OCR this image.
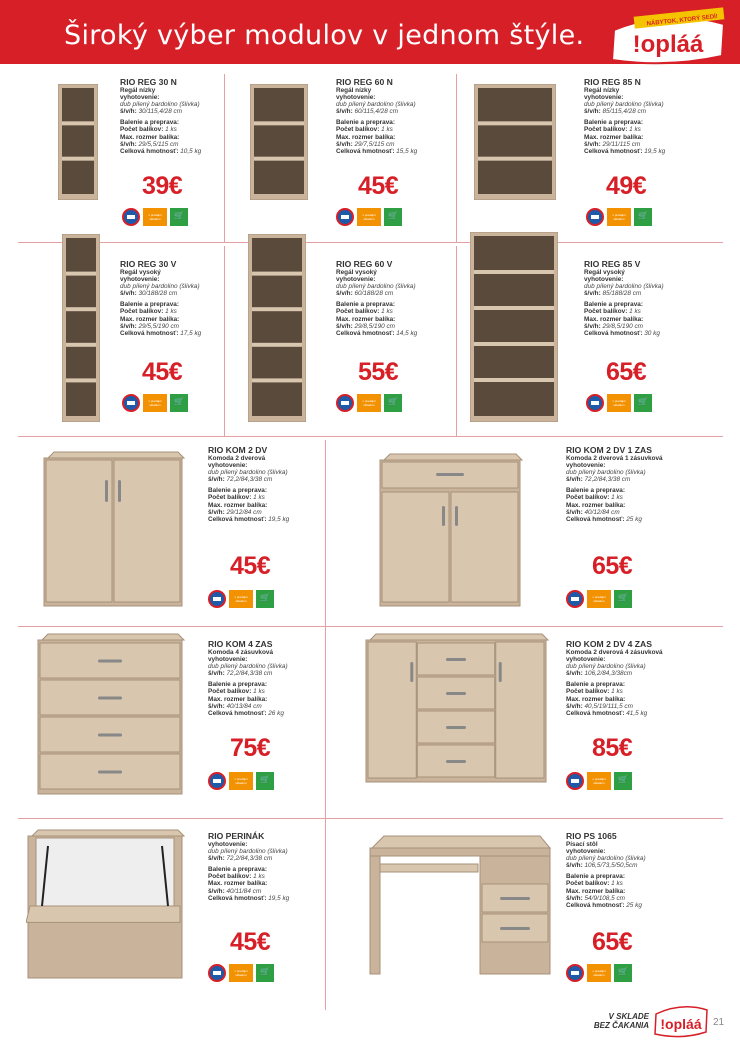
Široký výber modulov v jednom štýle.	NÁBYTOK, KTORÝ SEDÍ!
!opláá
RIO REG 30 N
Regál nízky
vyhotovenie:
dub pílený bardolino (šlivka)
š/v/h: 30/115,4/28 cm
Balenie a preprava:
Počet balíkov: 1 ks
Max. rozmer balíka:
š/v/h: 29/5,5/115 cm
Celková hmotnosť: 10,5 kg
39€
v predajni skladom	🛒
RIO REG 60 N
Regál nízky
vyhotovenie:
dub pílený bardolino (šlivka)
š/v/h: 60/115,4/28 cm
Balenie a preprava:
Počet balíkov: 1 ks
Max. rozmer balíka:
š/v/h: 29/7,5/115 cm
Celková hmotnosť: 15,5 kg
45€
v predajni skladom	🛒
RIO REG 85 N
Regál nízky
vyhotovenie:
dub pílený bardolino (šlivka)
š/v/h: 85/115,4/28 cm
Balenie a preprava:
Počet balíkov: 1 ks
Max. rozmer balíka:
š/v/h: 29/11/115 cm
Celková hmotnosť: 19,5 kg
49€
v predajni skladom	🛒
RIO REG 30 V
Regál vysoký
vyhotovenie:
dub pílený bardolino (šlivka)
š/v/h: 30/188/28 cm
Balenie a preprava:
Počet balíkov: 1 ks
Max. rozmer balíka:
š/v/h: 29/5,5/190 cm
Celková hmotnosť: 17,5 kg
45€
v predajni skladom	🛒
RIO REG 60 V
Regál vysoký
vyhotovenie:
dub pílený bardolino (šlivka)
š/v/h: 60/188/28 cm
Balenie a preprava:
Počet balíkov: 1 ks
Max. rozmer balíka:
š/v/h: 29/8,5/190 cm
Celková hmotnosť: 14,5 kg
55€
v predajni skladom	🛒
RIO REG 85 V
Regál vysoký
vyhotovenie:
dub pílený bardolino (šlivka)
š/v/h: 85/188/28 cm
Balenie a preprava:
Počet balíkov: 1 ks
Max. rozmer balíka:
š/v/h: 29/8,5/190 cm
Celková hmotnosť: 30 kg
65€
v predajni skladom	🛒
RIO KOM 2 DV
Komoda 2 dverová
vyhotovenie:
dub pílený bardolino (šlivka)
š/v/h: 72,2/84,3/38 cm
Balenie a preprava:
Počet balíkov: 1 ks
Max. rozmer balíka:
š/v/h: 29/12/84 cm
Celková hmotnosť: 19,5 kg
45€
v predajni skladom	🛒
RIO KOM 2 DV 1 ZAS
Komoda 2 dverová 1 zásuvková
vyhotovenie:
dub pílený bardolino (šlivka)
š/v/h: 72,2/84,3/38 cm
Balenie a preprava:
Počet balíkov: 1 ks
Max. rozmer balíka:
š/v/h: 40/12/84 cm
Celková hmotnosť: 25 kg
65€
v predajni skladom	🛒
RIO KOM 4 ZAS
Komoda 4 zásuvková
vyhotovenie:
dub pílený bardolino (šlivka)
š/v/h: 72,2/84,3/38 cm
Balenie a preprava:
Počet balíkov: 1 ks
Max. rozmer balíka:
š/v/h: 40/13/84 cm
Celková hmotnosť: 26 kg
75€
v predajni skladom	🛒
RIO KOM 2 DV 4 ZAS
Komoda 2 dverová 4 zásuvková
vyhotovenie:
dub pílený bardolino (šlivka)
š/v/h: 106,2/84,3/38cm
Balenie a preprava:
Počet balíkov: 1 ks
Max. rozmer balíka:
š/v/h: 40,5/19/111,5 cm
Celková hmotnosť: 41,5 kg
85€
v predajni skladom	🛒
RIO PERINÁK
vyhotovenie:
dub pílený bardolino (šlivka)
š/v/h: 72,2/84,3/38 cm
Balenie a preprava:
Počet balíkov: 1 ks
Max. rozmer balíka:
š/v/h: 40/11/84 cm
Celková hmotnosť: 19,5 kg
45€
v predajni skladom	🛒
RIO PS 1065
Písací stôl
vyhotovenie:
dub pílený bardolino (šlivka)
š/v/h: 106,5/73,5/50,5cm
Balenie a preprava:
Počet balíkov: 1 ks
Max. rozmer balíka:
š/v/h: 54/9/108,5 cm
Celková hmotnosť: 25 kg
65€
v predajni skladom	🛒
V SKLADE
BEZ ČAKANIA !opláá 21
